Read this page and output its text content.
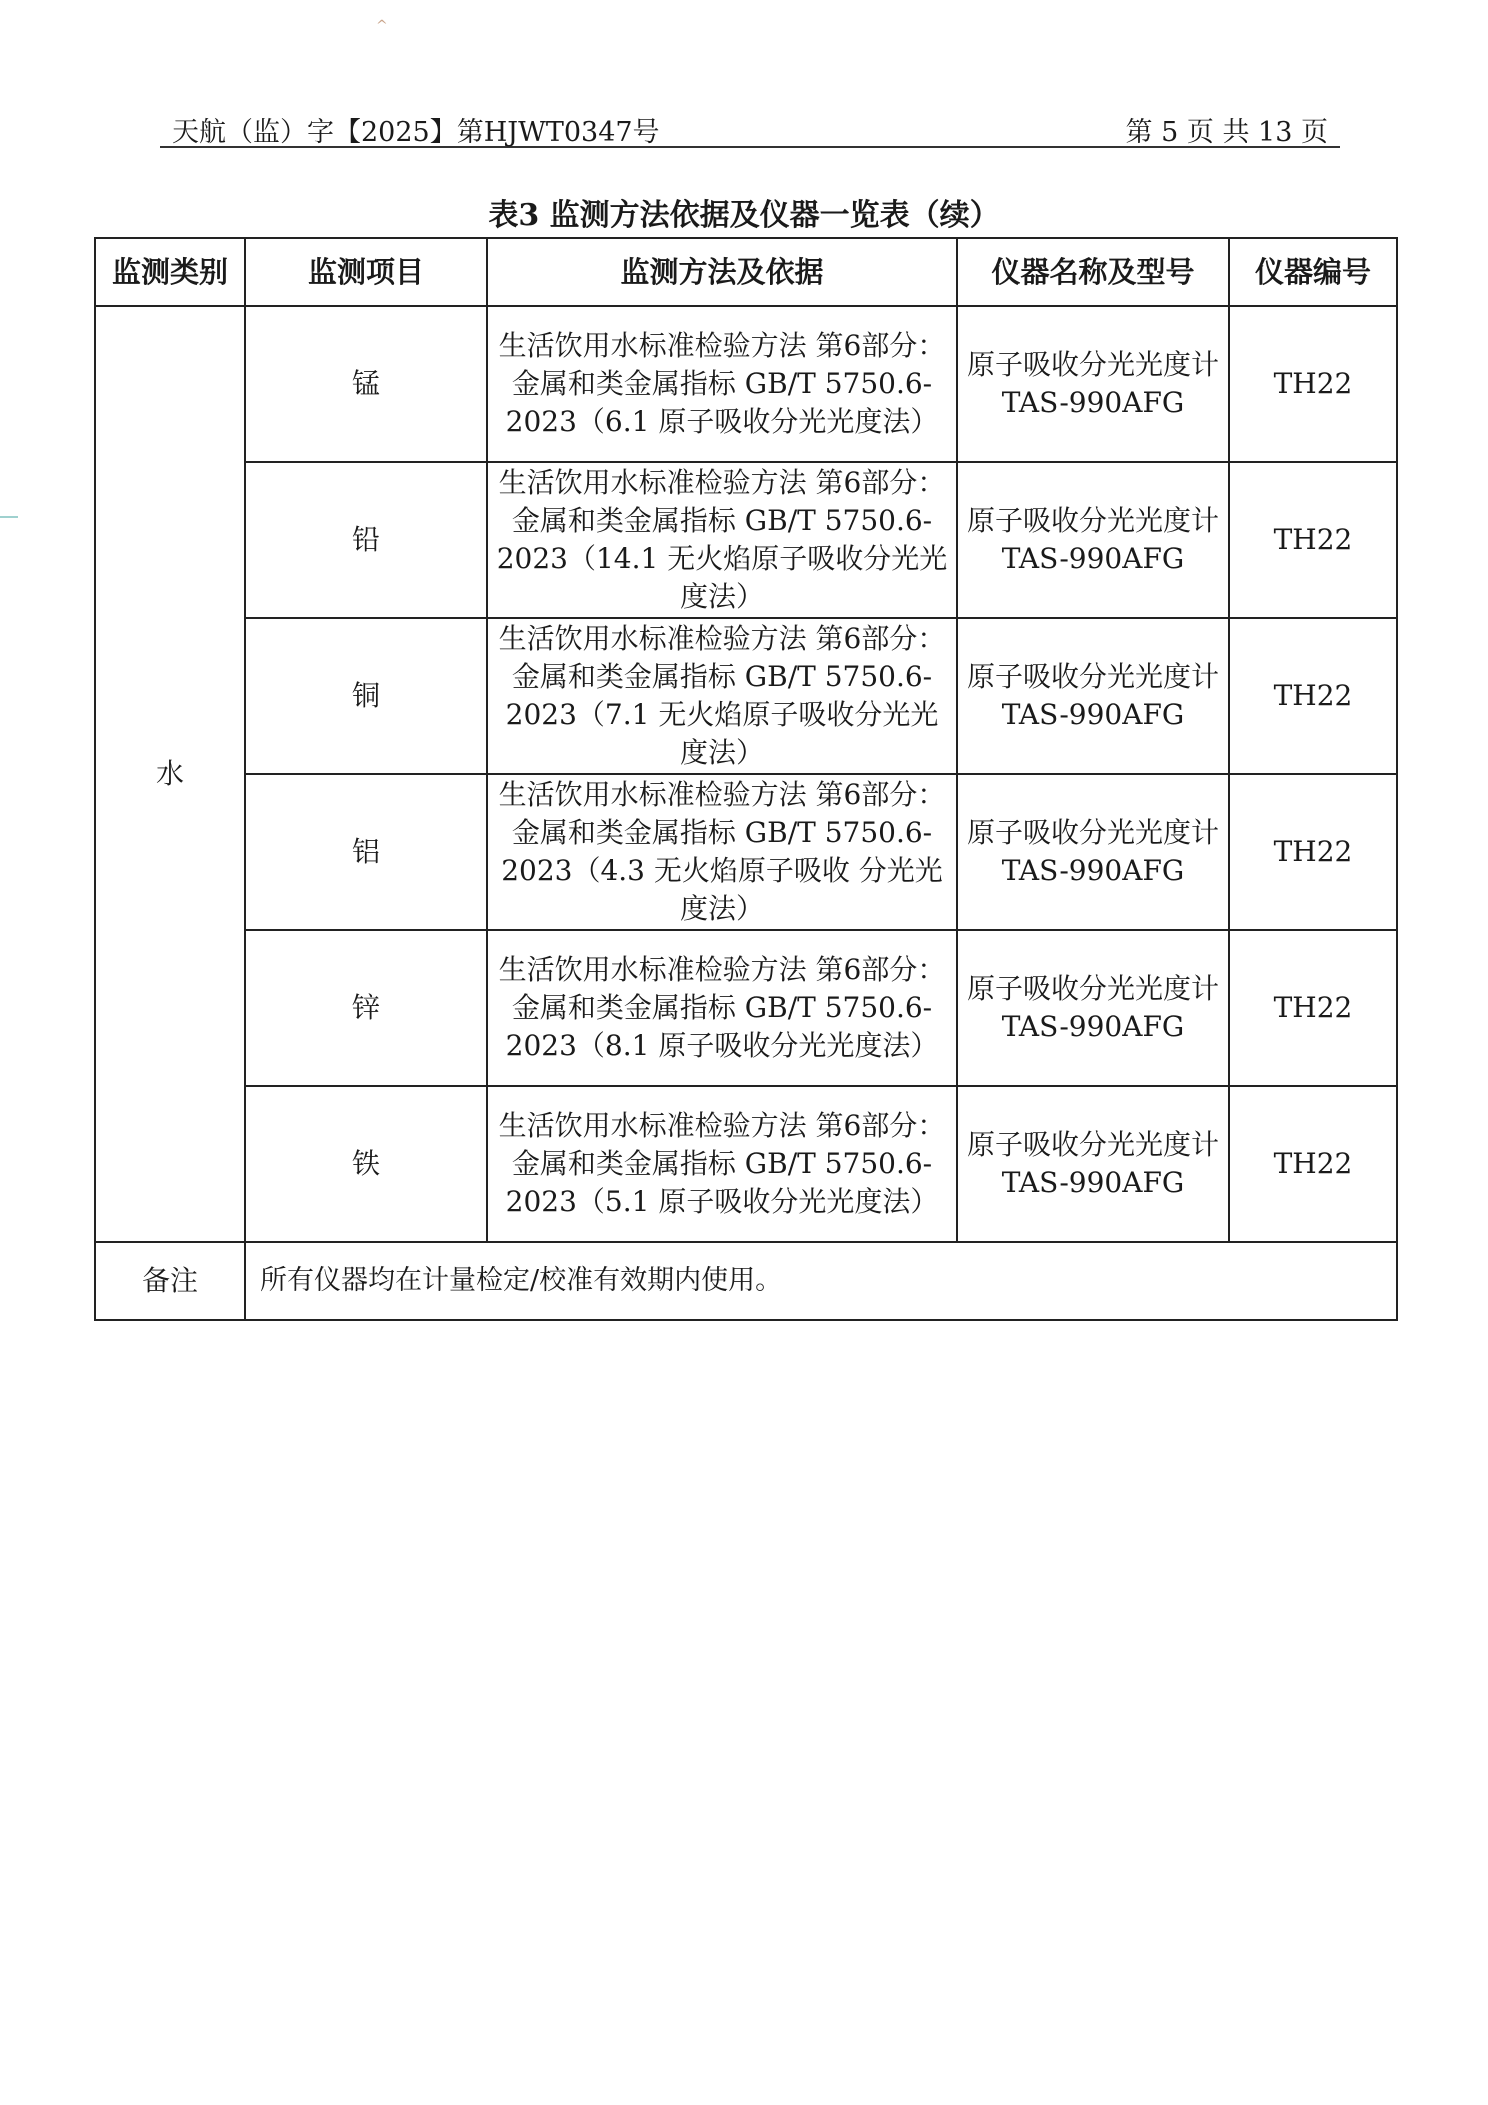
^
天航（监）字【2025】第HJWT0347号	第 5 页 共 13 页
表3 监测方法依据及仪器一览表（续）
监测类别	监测项目	监测方法及依据	仪器名称及型号	仪器编号
水	锰	生活饮用水标准检验方法 第6部分：金属和类金属指标 GB/T 5750.6-2023（6.1 原子吸收分光光度法）	原子吸收分光光度计 TAS-990AFG	TH22
	铅	生活饮用水标准检验方法 第6部分：金属和类金属指标 GB/T 5750.6-2023（14.1 无火焰原子吸收分光光度法）	原子吸收分光光度计 TAS-990AFG	TH22
	铜	生活饮用水标准检验方法 第6部分：金属和类金属指标 GB/T 5750.6-2023（7.1 无火焰原子吸收分光光度法）	原子吸收分光光度计 TAS-990AFG	TH22
	铝	生活饮用水标准检验方法 第6部分：金属和类金属指标 GB/T 5750.6-2023（4.3 无火焰原子吸收 分光光度法）	原子吸收分光光度计 TAS-990AFG	TH22
	锌	生活饮用水标准检验方法 第6部分：金属和类金属指标 GB/T 5750.6-2023（8.1 原子吸收分光光度法）	原子吸收分光光度计 TAS-990AFG	TH22
	铁	生活饮用水标准检验方法 第6部分：金属和类金属指标 GB/T 5750.6-2023（5.1 原子吸收分光光度法）	原子吸收分光光度计 TAS-990AFG	TH22
备注	所有仪器均在计量检定/校准有效期内使用。			
